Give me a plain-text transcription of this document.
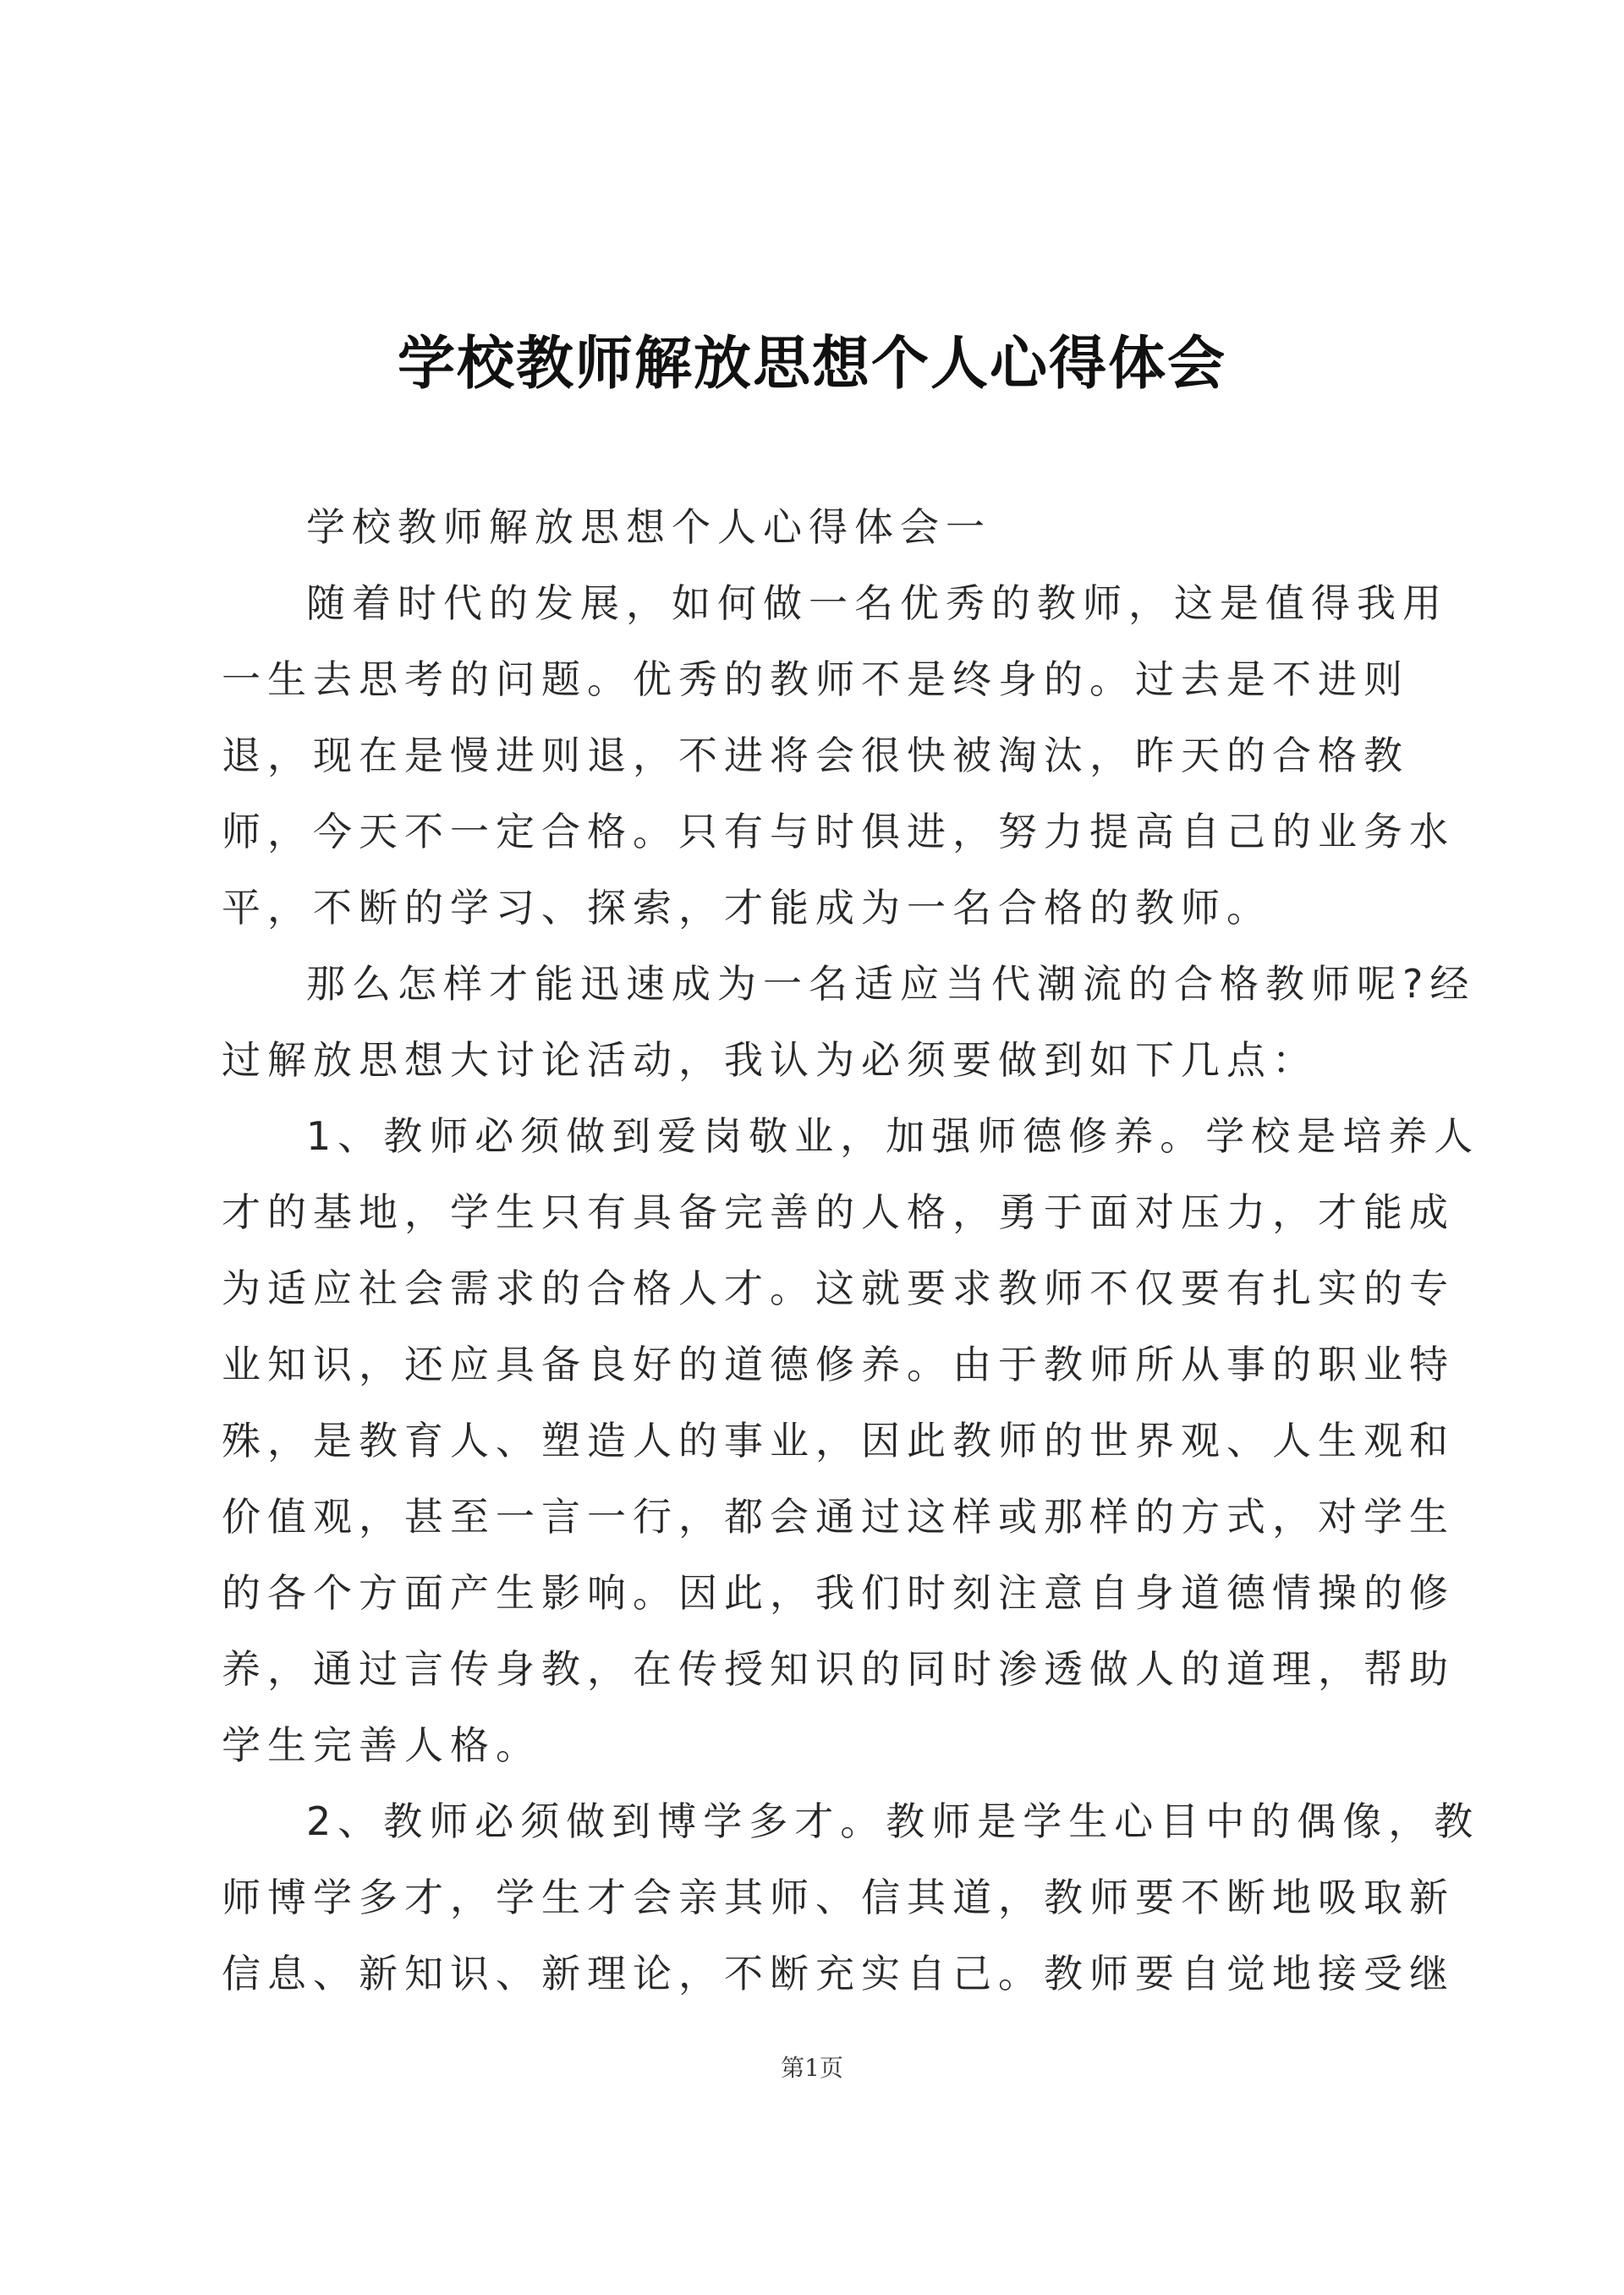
学校教师解放思想个人心得体会
学校教师解放思想个人心得体会一
随着时代的发展，如何做一名优秀的教师，这是值得我用
一生去思考的问题。优秀的教师不是终身的。过去是不进则
退，现在是慢进则退，不进将会很快被淘汰，昨天的合格教
师，今天不一定合格。只有与时俱进，努力提高自己的业务水
平，不断的学习、探索，才能成为一名合格的教师。
那么怎样才能迅速成为一名适应当代潮流的合格教师呢?经
过解放思想大讨论活动，我认为必须要做到如下几点：
1、教师必须做到爱岗敬业，加强师德修养。学校是培养人
才的基地，学生只有具备完善的人格，勇于面对压力，才能成
为适应社会需求的合格人才。这就要求教师不仅要有扎实的专
业知识，还应具备良好的道德修养。由于教师所从事的职业特
殊，是教育人、塑造人的事业，因此教师的世界观、人生观和
价值观，甚至一言一行，都会通过这样或那样的方式，对学生
的各个方面产生影响。因此，我们时刻注意自身道德情操的修
养，通过言传身教，在传授知识的同时渗透做人的道理，帮助
学生完善人格。
2、教师必须做到博学多才。教师是学生心目中的偶像，教
师博学多才，学生才会亲其师、信其道，教师要不断地吸取新
信息、新知识、新理论，不断充实自己。教师要自觉地接受继
第1页
